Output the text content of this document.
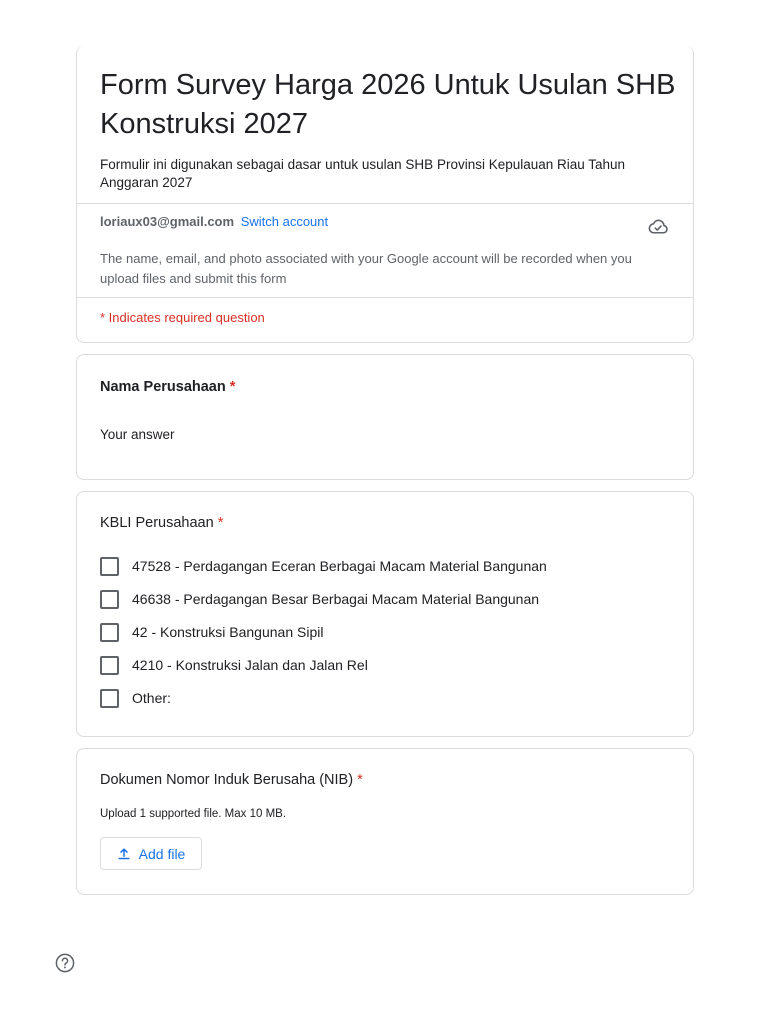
Form Survey Harga 2026 Untuk Usulan SHB Konstruksi 2027
Formulir ini digunakan sebagai dasar untuk usulan SHB Provinsi Kepulauan Riau Tahun Anggaran 2027
loriaux03@gmail.com Switch account
The name, email, and photo associated with your Google account will be recorded when you upload files and submit this form
* Indicates required question
Nama Perusahaan *
Your answer
KBLI Perusahaan *
47528 - Perdagangan Eceran Berbagai Macam Material Bangunan
46638 - Perdagangan Besar Berbagai Macam Material Bangunan
42 - Konstruksi Bangunan Sipil
4210 - Konstruksi Jalan dan Jalan Rel
Other:
Dokumen Nomor Induk Berusaha (NIB) *
Upload 1 supported file. Max 10 MB.
Add file
